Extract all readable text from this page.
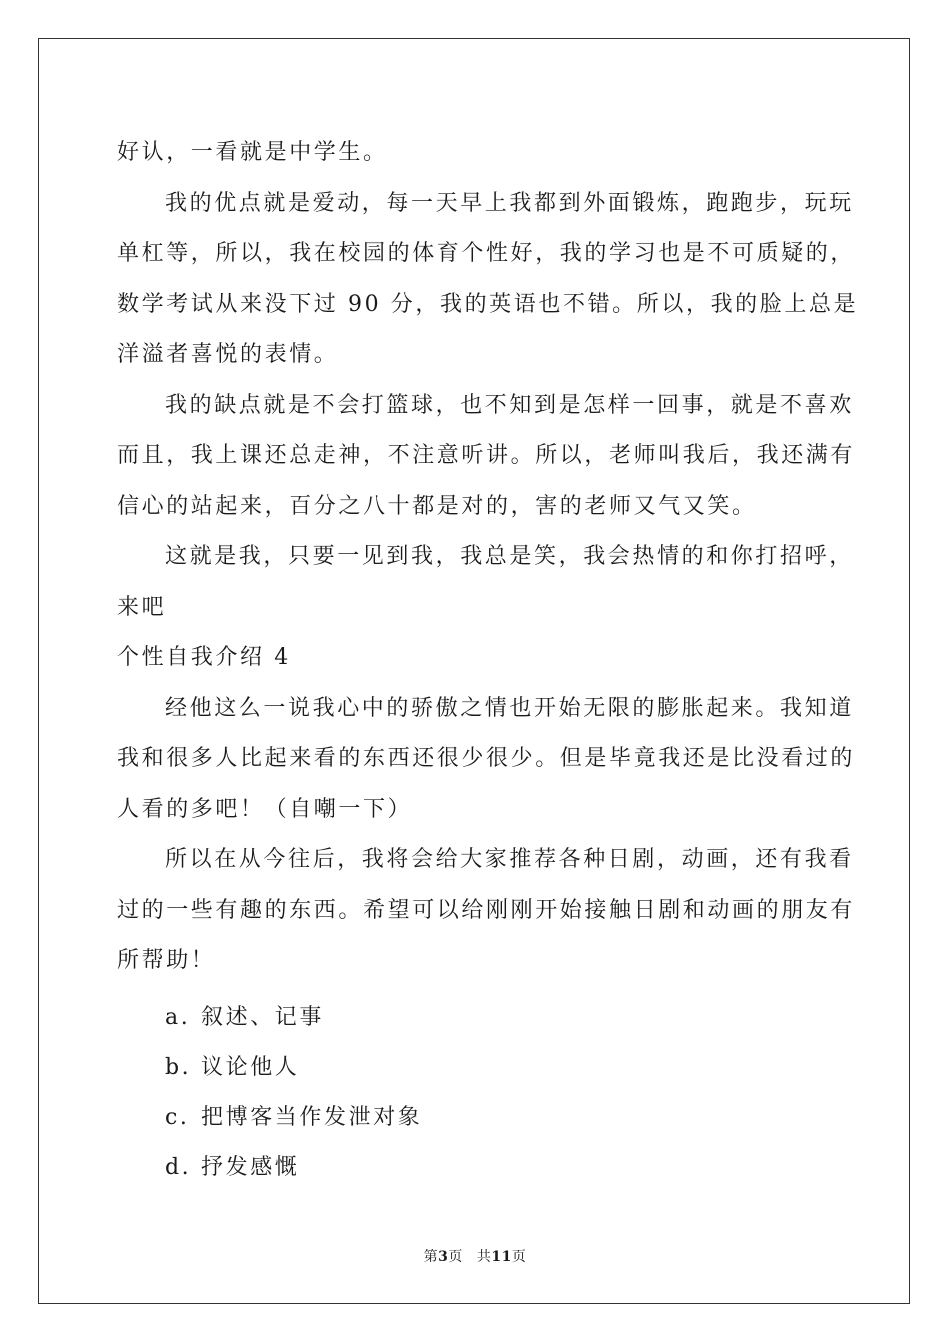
好认，一看就是中学生。
我的优点就是爱动，每一天早上我都到外面锻炼，跑跑步，玩玩
单杠等，所以，我在校园的体育个性好，我的学习也是不可质疑的，
数学考试从来没下过 90 分，我的英语也不错。所以，我的脸上总是
洋溢者喜悦的表情。
我的缺点就是不会打篮球，也不知到是怎样一回事，就是不喜欢
而且，我上课还总走神，不注意听讲。所以，老师叫我后，我还满有
信心的站起来，百分之八十都是对的，害的老师又气又笑。
这就是我，只要一见到我，我总是笑，我会热情的和你打招呼，
来吧
个性自我介绍 4
经他这么一说我心中的骄傲之情也开始无限的膨胀起来。我知道
我和很多人比起来看的东西还很少很少。但是毕竟我还是比没看过的
人看的多吧！（自嘲一下）
所以在从今往后，我将会给大家推荐各种日剧，动画，还有我看
过的一些有趣的东西。希望可以给刚刚开始接触日剧和动画的朋友有
所帮助！
a. 叙述、记事
b. 议论他人
c. 把博客当作发泄对象
d. 抒发感慨
第3页 共11页
